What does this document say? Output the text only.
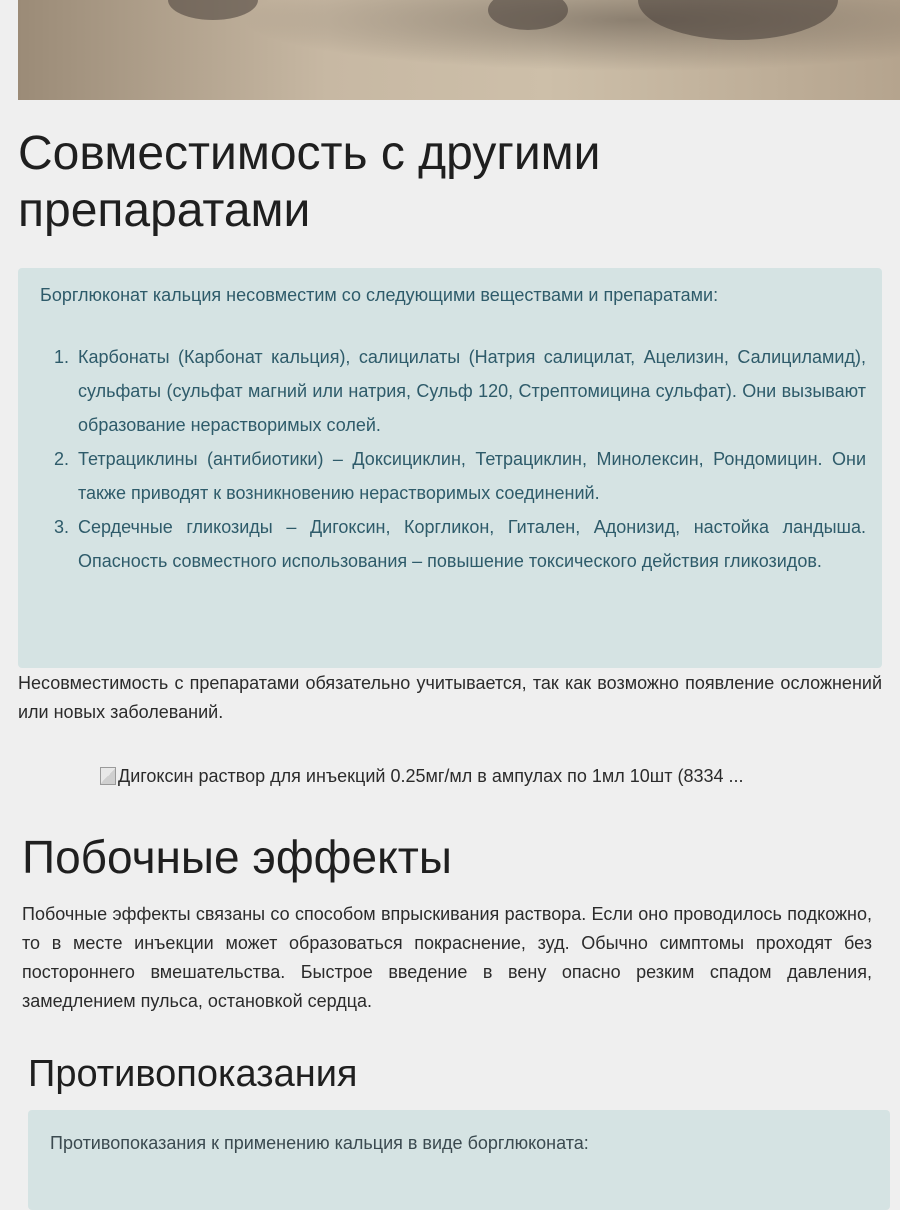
Совместимость с другими препаратами
Борглюконат кальция несовместим со следующими веществами и препаратами:
1. Карбонаты (Карбонат кальция), салицилаты (Натрия салицилат, Ацелизин, Салициламид), сульфаты (сульфат магний или натрия, Сульф 120, Стрептомицина сульфат). Они вызывают образование нерастворимых солей.
2. Тетрациклины (антибиотики) – Доксициклин, Тетрациклин, Минолексин, Рондомицин. Они также приводят к возникновению нерастворимых соединений.
3. Сердечные гликозиды – Дигоксин, Коргликон, Гитален, Адонизид, настойка ландыша. Опасность совместного использования – повышение токсического действия гликозидов.

Несовместимость с препаратами обязательно учитывается, так как возможно появление осложнений или новых заболеваний.

Дигоксин раствор для инъекций 0.25мг/мл в ампулах по 1мл 10шт (8334 ...
Побочные эффекты

Побочные эффекты связаны со способом впрыскивания раствора. Если оно проводилось подкожно, то в месте инъекции может образоваться покраснение, зуд. Обычно симптомы проходят без постороннего вмешательства. Быстрое введение в вену опасно резким спадом давления, замедлением пульса, остановкой сердца.

Противопоказания
Противопоказания к применению кальция в виде борглюконата:
